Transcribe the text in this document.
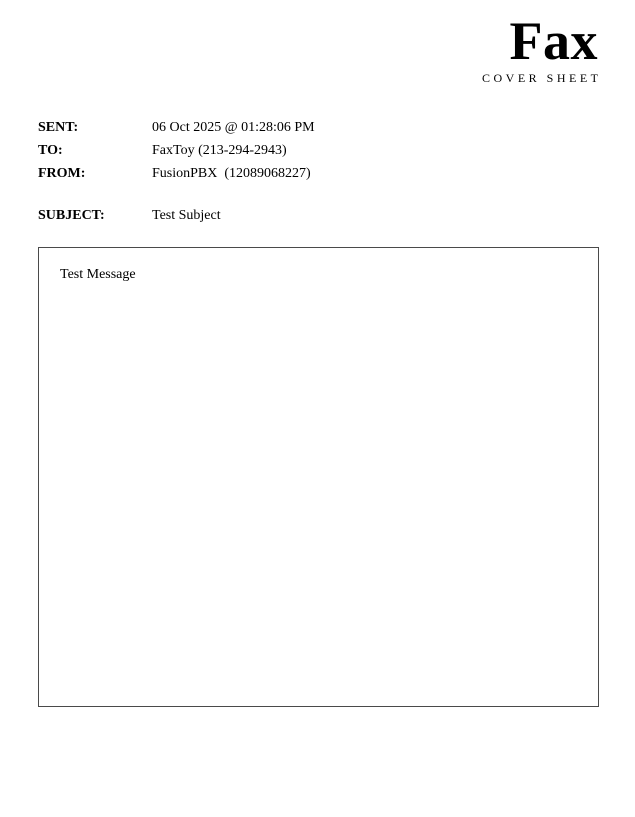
Fax
COVER SHEET
SENT:	06 Oct 2025 @ 01:28:06 PM
TO:	FaxToy (213-294-2943)
FROM:	FusionPBX  (12089068227)
SUBJECT:	Test Subject
Test Message
